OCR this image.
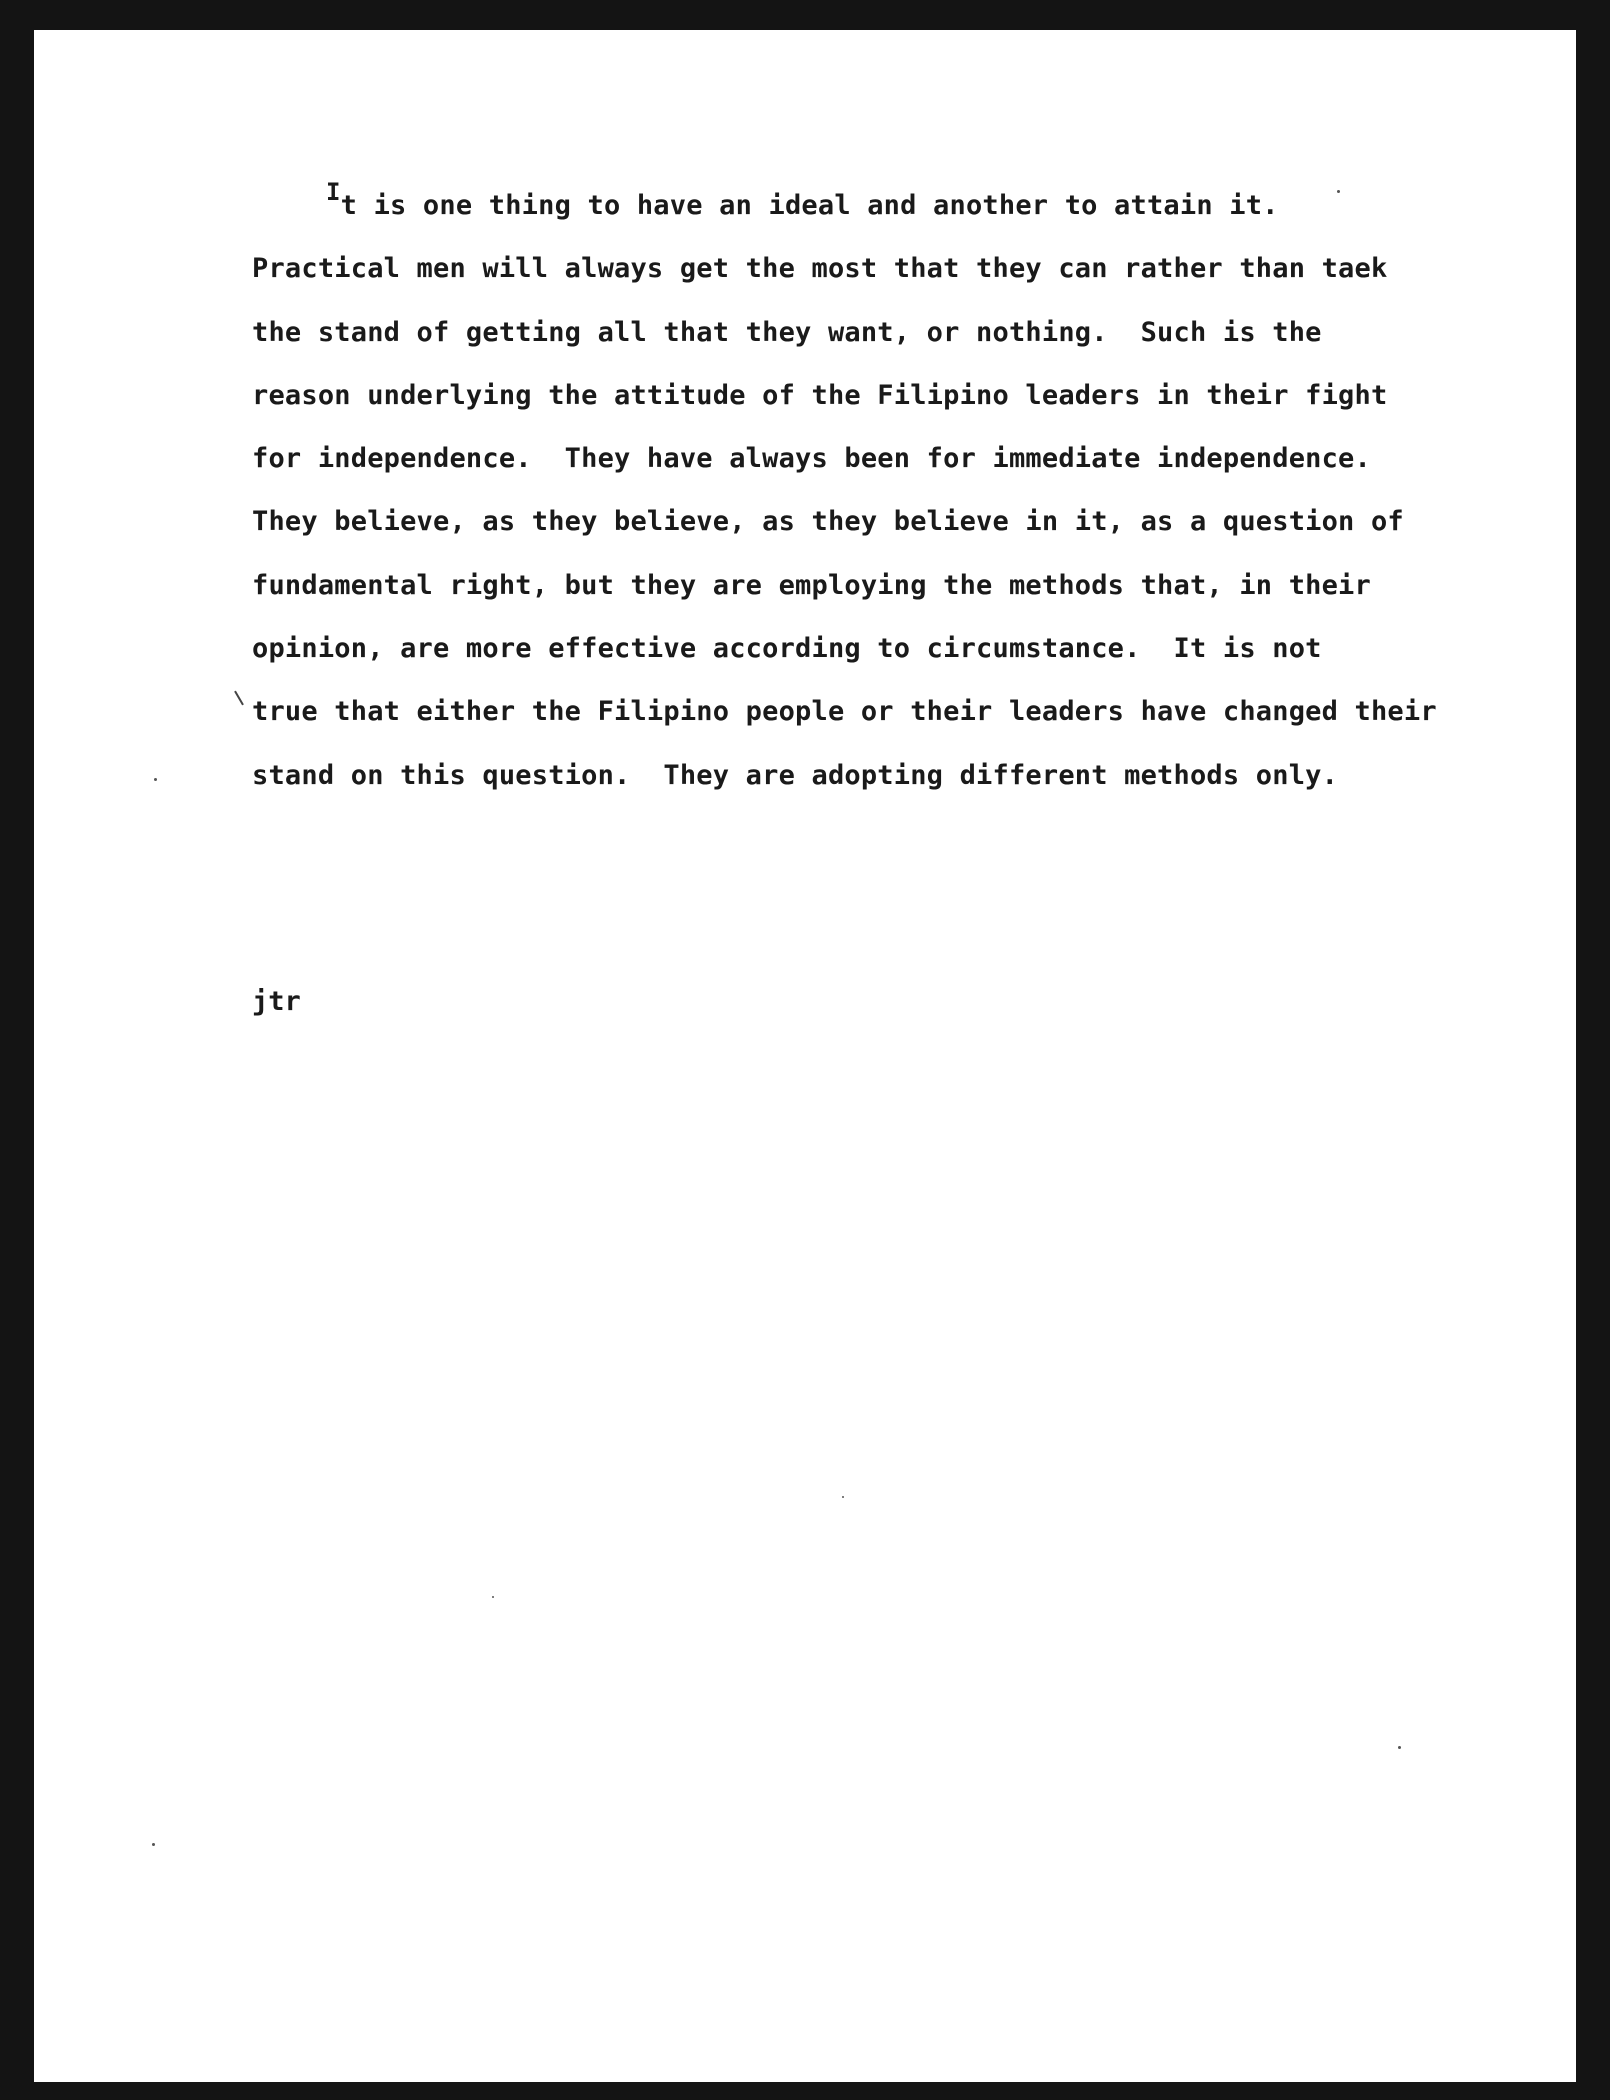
It is one thing to have an ideal and another to attain it.
Practical men will always get the most that they can rather than taek
the stand of getting all that they want, or nothing.  Such is the
reason underlying the attitude of the Filipino leaders in their fight
for independence.  They have always been for immediate independence.
They believe, as they believe, as they believe in it, as a question of
fundamental right, but they are employing the methods that, in their
opinion, are more effective according to circumstance.  It is not
true that either the Filipino people or their leaders have changed their
stand on this question.  They are adopting different methods only.
jtr
